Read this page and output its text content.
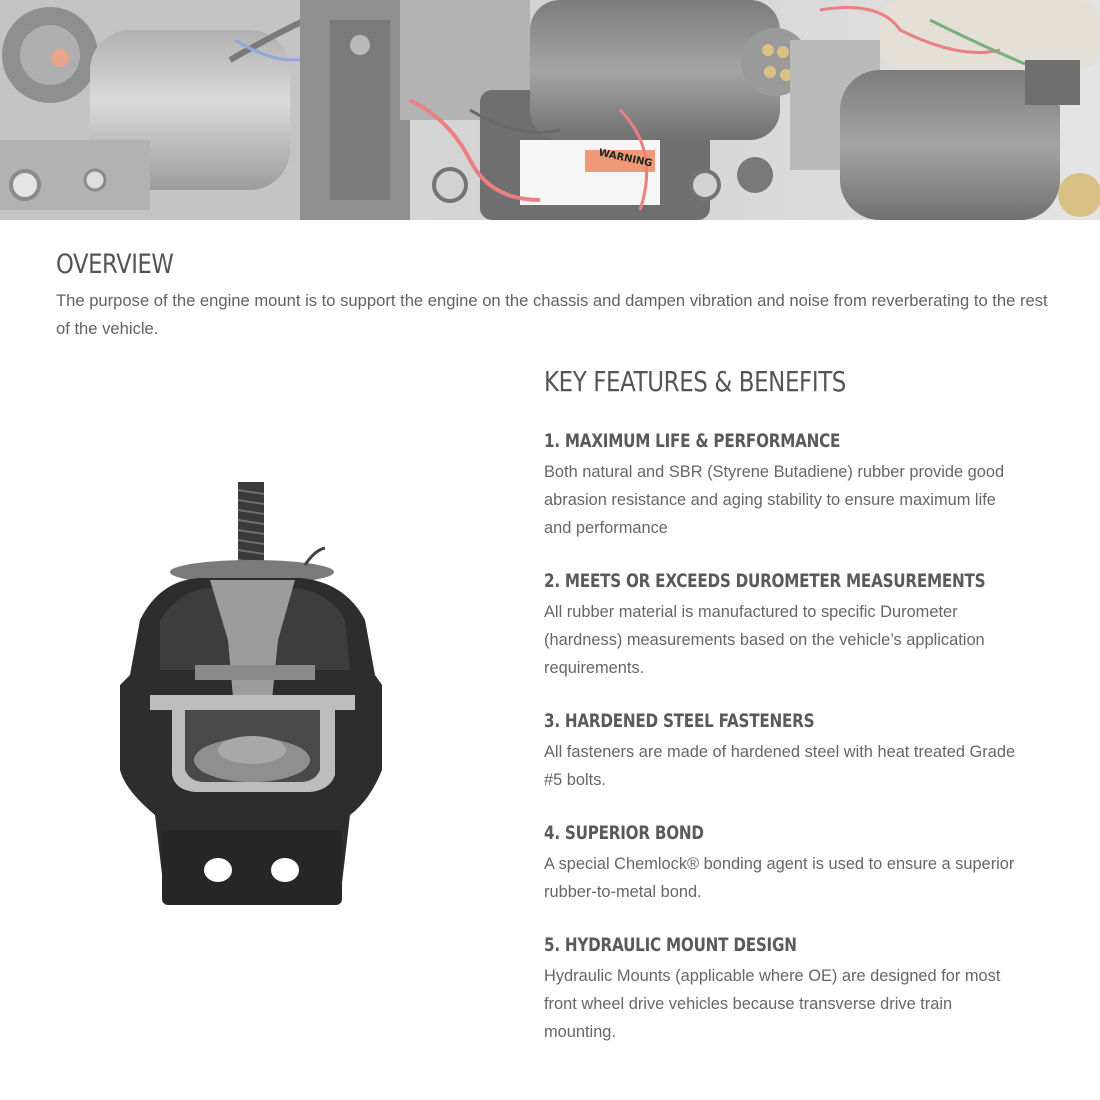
WARNING
OVERVIEW

The purpose of the engine mount is to support the engine on the chassis and dampen vibration and noise from reverberating to the rest of the vehicle.

KEY FEATURES & BENEFITS
1. MAXIMUM LIFE & PERFORMANCE

Both natural and SBR (Styrene Butadiene) rubber provide good abrasion resistance and aging stability to ensure maximum life and performance

2. MEETS OR EXCEEDS DUROMETER MEASUREMENTS

All rubber material is manufactured to specific Durometer (hardness) measurements based on the vehicle’s application requirements.

3. HARDENED STEEL FASTENERS

All fasteners are made of hardened steel with heat treated Grade #5 bolts.

4. SUPERIOR BOND

A special Chemlock® bonding agent is used to ensure a superior rubber-to-metal bond.

5. HYDRAULIC MOUNT DESIGN

Hydraulic Mounts (applicable where OE) are designed for most front wheel drive vehicles because transverse drive train mounting.
